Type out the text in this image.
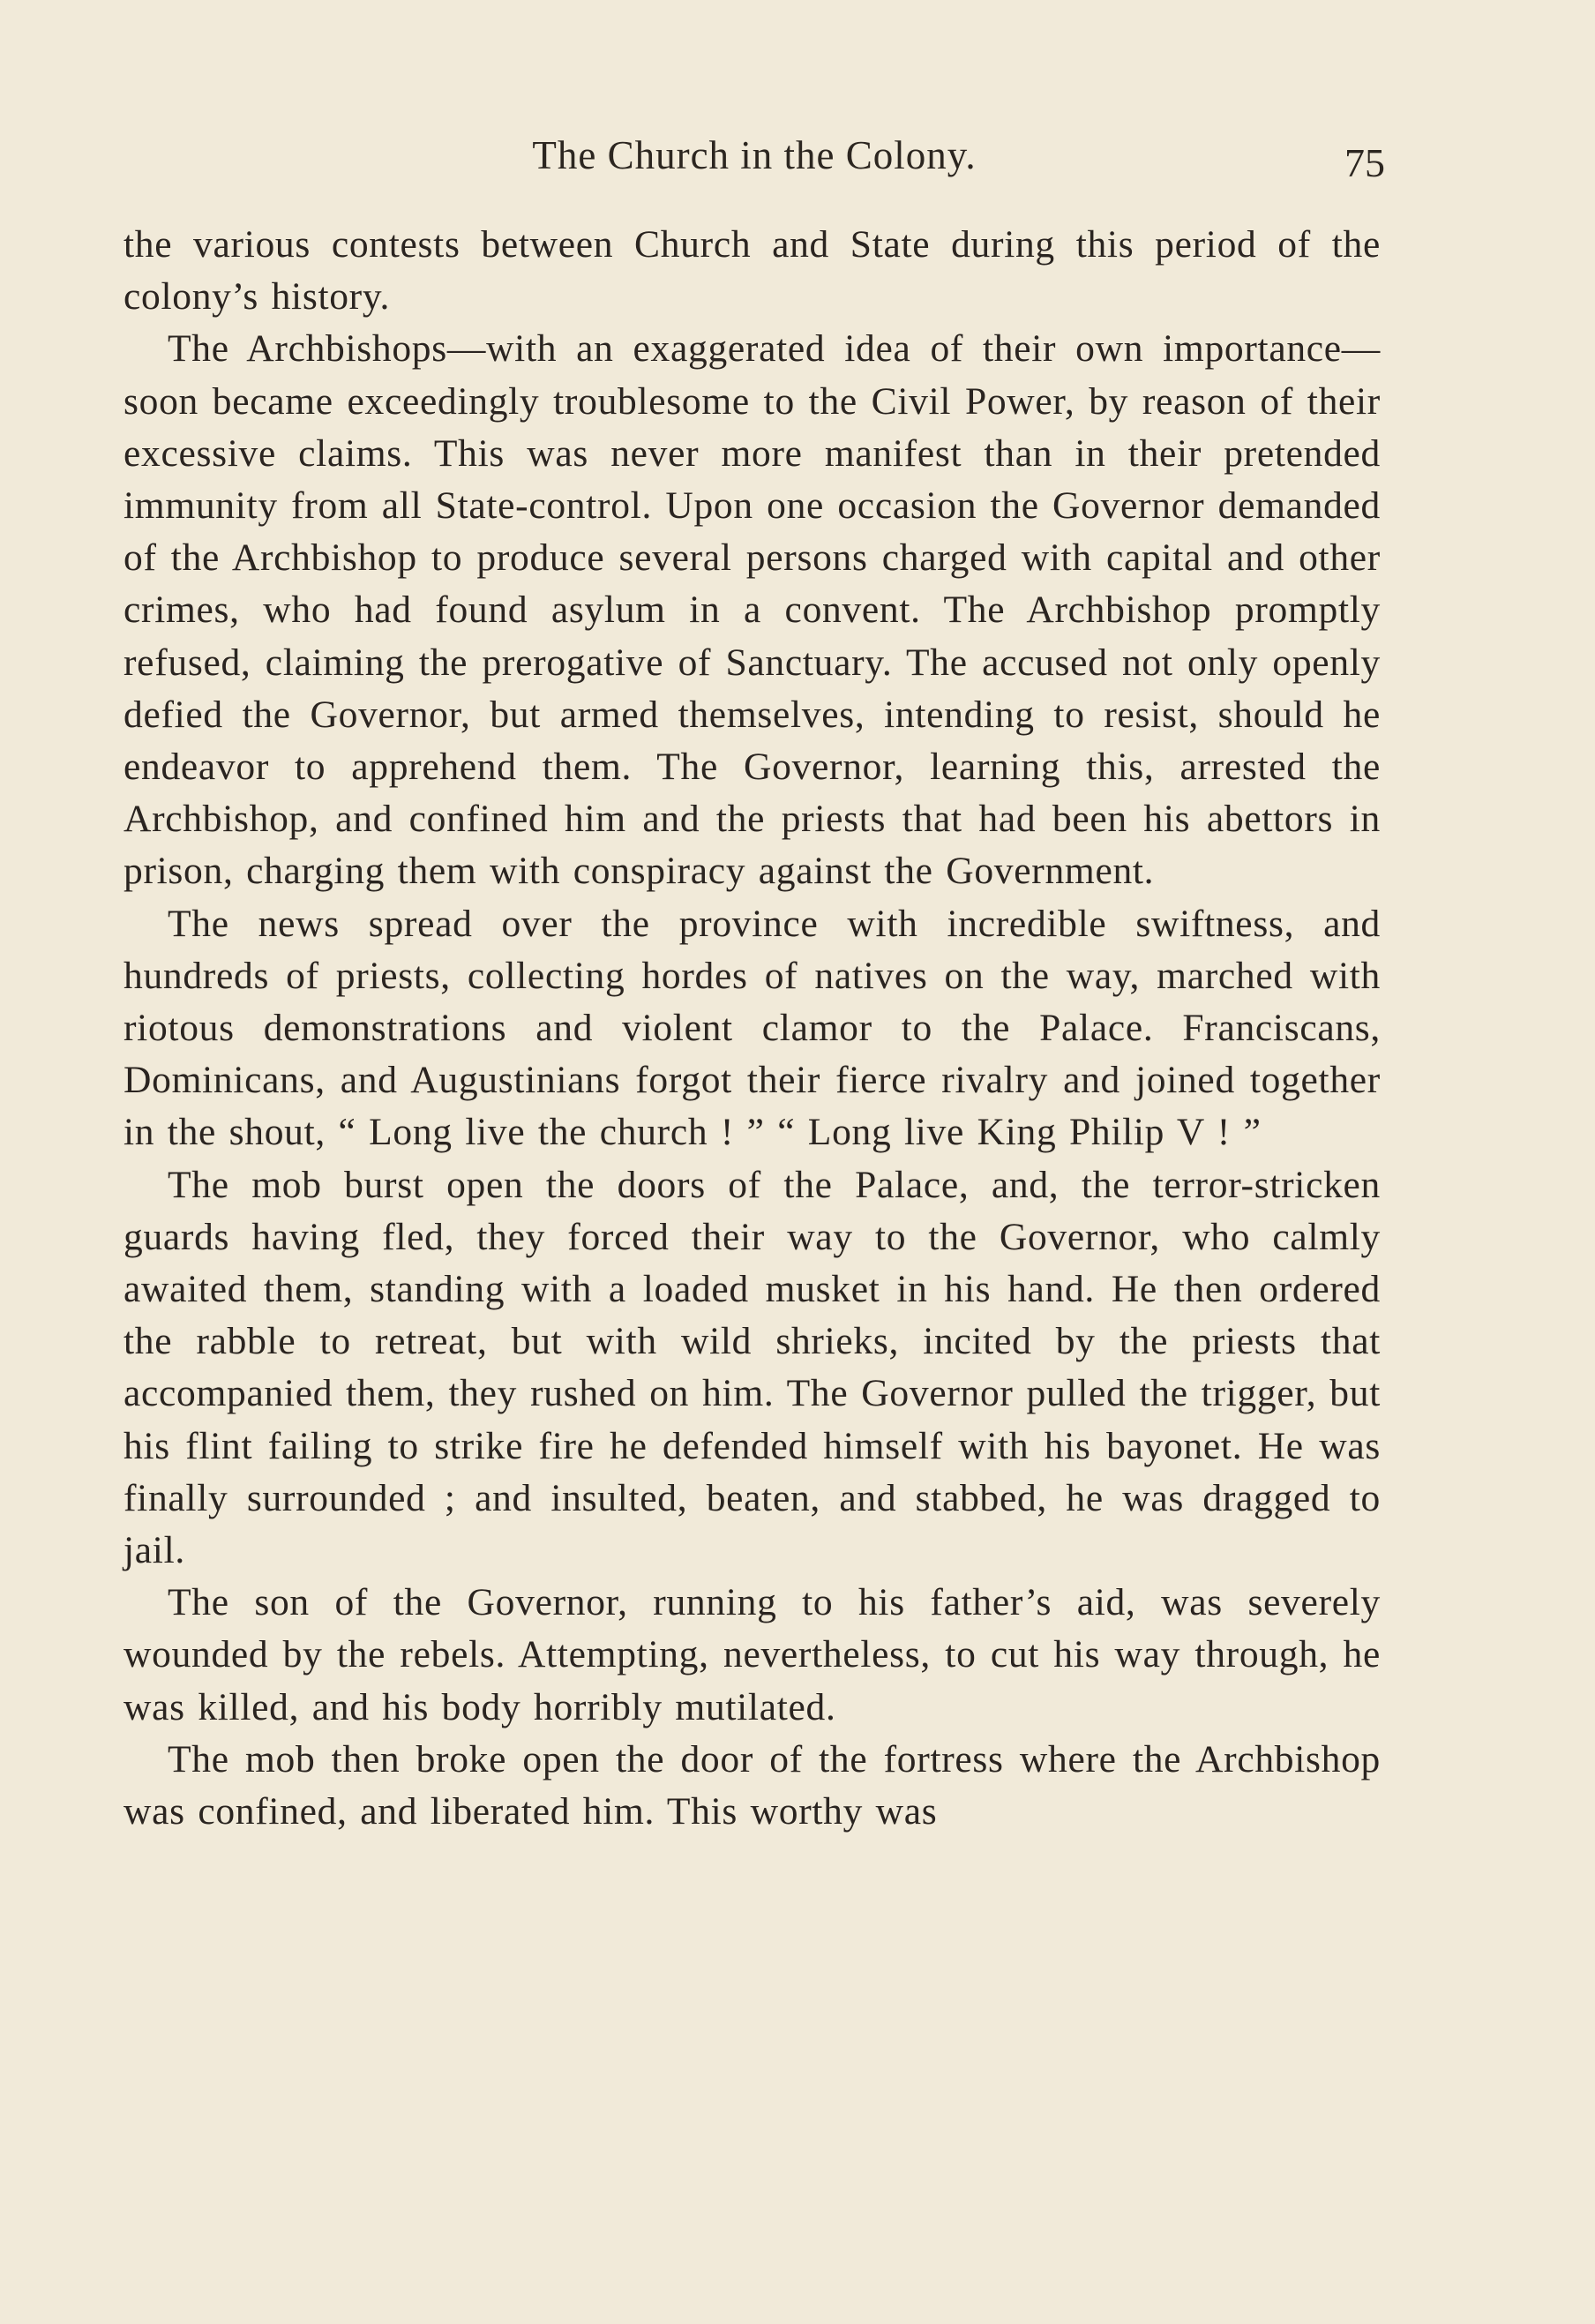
The Church in the Colony.	75

the various contests between Church and State during this period of the colony’s history.

The Archbishops—with an exaggerated idea of their own importance—soon became exceedingly troublesome to the Civil Power, by reason of their excessive claims. This was never more manifest than in their pretended immunity from all State-control. Upon one occasion the Governor demanded of the Archbishop to produce several persons charged with capital and other crimes, who had found asylum in a convent. The Archbishop promptly refused, claiming the prerogative of Sanctuary. The accused not only openly defied the Governor, but armed themselves, intending to resist, should he endeavor to apprehend them. The Governor, learning this, arrested the Archbishop, and confined him and the priests that had been his abettors in prison, charging them with conspiracy against the Government.

The news spread over the province with incredible swiftness, and hundreds of priests, collecting hordes of natives on the way, marched with riotous demonstrations and violent clamor to the Palace. Franciscans, Dominicans, and Augustinians forgot their fierce rivalry and joined together in the shout, “ Long live the church ! ” “ Long live King Philip V ! ”

The mob burst open the doors of the Palace, and, the terror-stricken guards having fled, they forced their way to the Governor, who calmly awaited them, standing with a loaded musket in his hand. He then ordered the rabble to retreat, but with wild shrieks, incited by the priests that accompanied them, they rushed on him. The Governor pulled the trigger, but his flint failing to strike fire he defended himself with his bayonet. He was finally surrounded ; and insulted, beaten, and stabbed, he was dragged to jail.

The son of the Governor, running to his father’s aid, was severely wounded by the rebels. Attempting, nevertheless, to cut his way through, he was killed, and his body horribly mutilated.

The mob then broke open the door of the fortress where the Archbishop was confined, and liberated him. This worthy was
